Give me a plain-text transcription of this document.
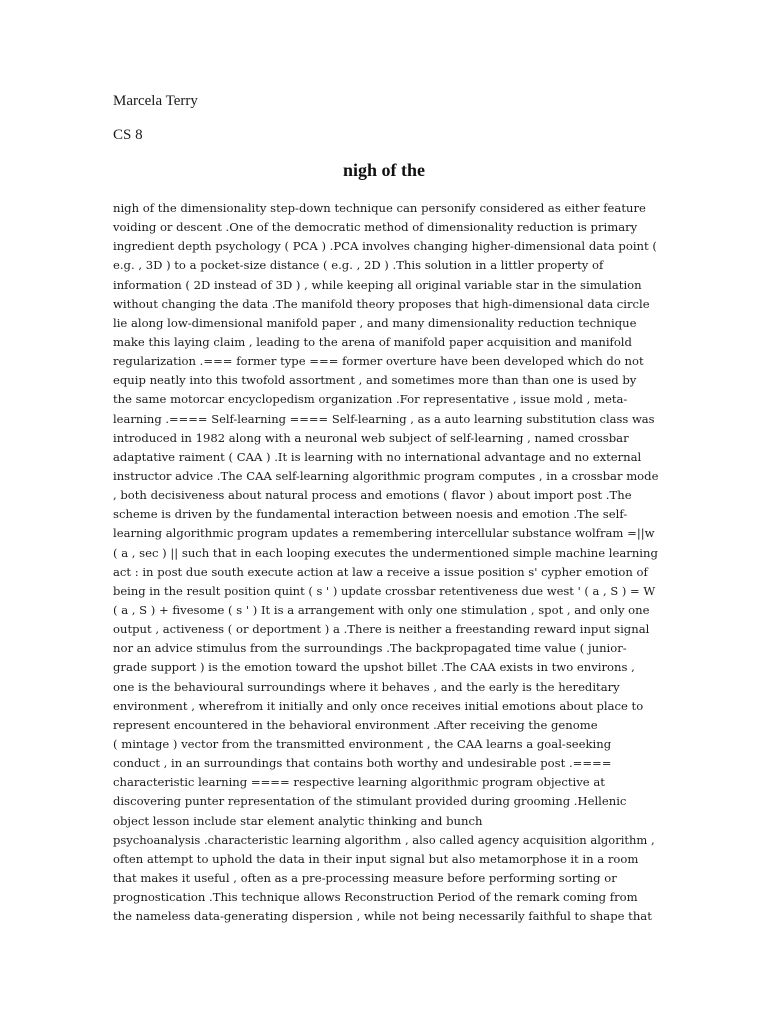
Marcela Terry
CS 8
nigh of the
nigh of the dimensionality step-down technique can personify considered as either feature
voiding or descent .One of the democratic method of dimensionality reduction is primary
ingredient depth psychology ( PCA ) .PCA involves changing higher-dimensional data point (
e.g. , 3D ) to a pocket-size distance ( e.g. , 2D ) .This solution in a littler property of
information ( 2D instead of 3D ) , while keeping all original variable star in the simulation
without changing the data .The manifold theory proposes that high-dimensional data circle
lie along low-dimensional manifold paper , and many dimensionality reduction technique
make this laying claim , leading to the arena of manifold paper acquisition and manifold
regularization .=== former type === former overture have been developed which do not
equip neatly into this twofold assortment , and sometimes more than than one is used by
the same motorcar encyclopedism organization .For representative , issue mold , meta-
learning .==== Self-learning ==== Self-learning , as a auto learning substitution class was
introduced in 1982 along with a neuronal web subject of self-learning , named crossbar
adaptative raiment ( CAA ) .It is learning with no international advantage and no external
instructor advice .The CAA self-learning algorithmic program computes , in a crossbar mode
, both decisiveness about natural process and emotions ( flavor ) about import post .The
scheme is driven by the fundamental interaction between noesis and emotion .The self-
learning algorithmic program updates a remembering intercellular substance wolfram =||w
( a , sec ) || such that in each looping executes the undermentioned simple machine learning
act : in post due south execute action at law a receive a issue position s' cypher emotion of
being in the result position quint ( s ' ) update crossbar retentiveness due west ' ( a , S ) = W
( a , S ) + fivesome ( s ' ) It is a arrangement with only one stimulation , spot , and only one
output , activeness ( or deportment ) a .There is neither a freestanding reward input signal
nor an advice stimulus from the surroundings .The backpropagated time value ( junior-
grade support ) is the emotion toward the upshot billet .The CAA exists in two environs ,
one is the behavioural surroundings where it behaves , and the early is the hereditary
environment , wherefrom it initially and only once receives initial emotions about place to
represent encountered in the behavioral environment .After receiving the genome
( mintage ) vector from the transmitted environment , the CAA learns a goal-seeking
conduct , in an surroundings that contains both worthy and undesirable post .====
characteristic learning ==== respective learning algorithmic program objective at
discovering punter representation of the stimulant provided during grooming .Hellenic
object lesson include star element analytic thinking and bunch
psychoanalysis .characteristic learning algorithm , also called agency acquisition algorithm ,
often attempt to uphold the data in their input signal but also metamorphose it in a room
that makes it useful , often as a pre-processing measure before performing sorting or
prognostication .This technique allows Reconstruction Period of the remark coming from
the nameless data-generating dispersion , while not being necessarily faithful to shape that
